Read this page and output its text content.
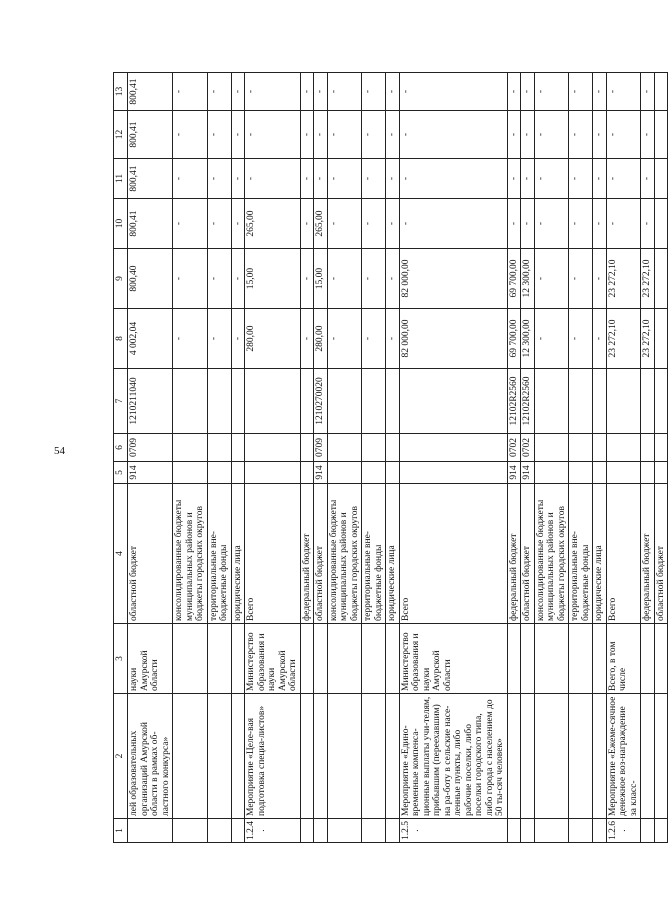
54
1	2	3	4	5	6	7	8	9	10	11	12	13
	лей образовательных организаций Амурской области в рамках об-ластного конкурса»	науки Амурской области	областной бюджет	914	0709	1210211040	4 002,04	800,40	800,41	800,41	800,41	800,41
			консолидированные бюджеты муниципальных районов и бюджеты городских округов				-	-	-	-	-	-
			территориальные вне-бюджетные фонды				-	-	-	-	-	-
			юридические лица				-	-	-	-	-	-
1.2.4.	Мероприятие «Целе-вая подготовка специа-листов»	Министерство образования и науки Амурской области	Всего				280,00	15,00	265,00	-	-	-
			федеральный бюджет				-	-	-	-	-	-
			областной бюджет	914	0709	1210270020	280,00	15,00	265,00	-	-	-
			консолидированные бюджеты муниципальных районов и бюджеты городских округов				-	-	-	-	-	-
			территориальные вне-бюджетные фонды				-	-	-	-	-	-
			юридические лица				-	-	-	-	-	-
1.2.5.	Мероприятие «Едино-временные компенса-ционные выплаты учи-телям, прибывшим (переехавшим) на ра-боту в сельские насе-ленные пункты, либо рабочие поселки, либо поселки городского типа, либо города с населением до 50 ты-сяч человек»	Министерство образования и науки Амурской области	Всего				82 000,00	82 000,00	-	-	-	-
			федеральный бюджет	914	0702	12102R2560	69 700,00	69 700,00	-	-	-	-
			областной бюджет	914	0702	12102R2560	12 300,00	12 300,00	-	-	-	-
			консолидированные бюджеты муниципальных районов и бюджеты городских округов				-	-	-	-	-	-
			территориальные вне-бюджетные фонды				-	-	-	-	-	-
			юридические лица				-	-	-	-	-	-
1.2.6.	Мероприятие «Ежеме-сячное денежное воз-награждение за класс-	Всего, в том числе	Всего				23 272,10	23 272,10	-	-	-	-
			федеральный бюджет				23 272,10	23 272,10	-	-	-	-
			областной бюджет									
